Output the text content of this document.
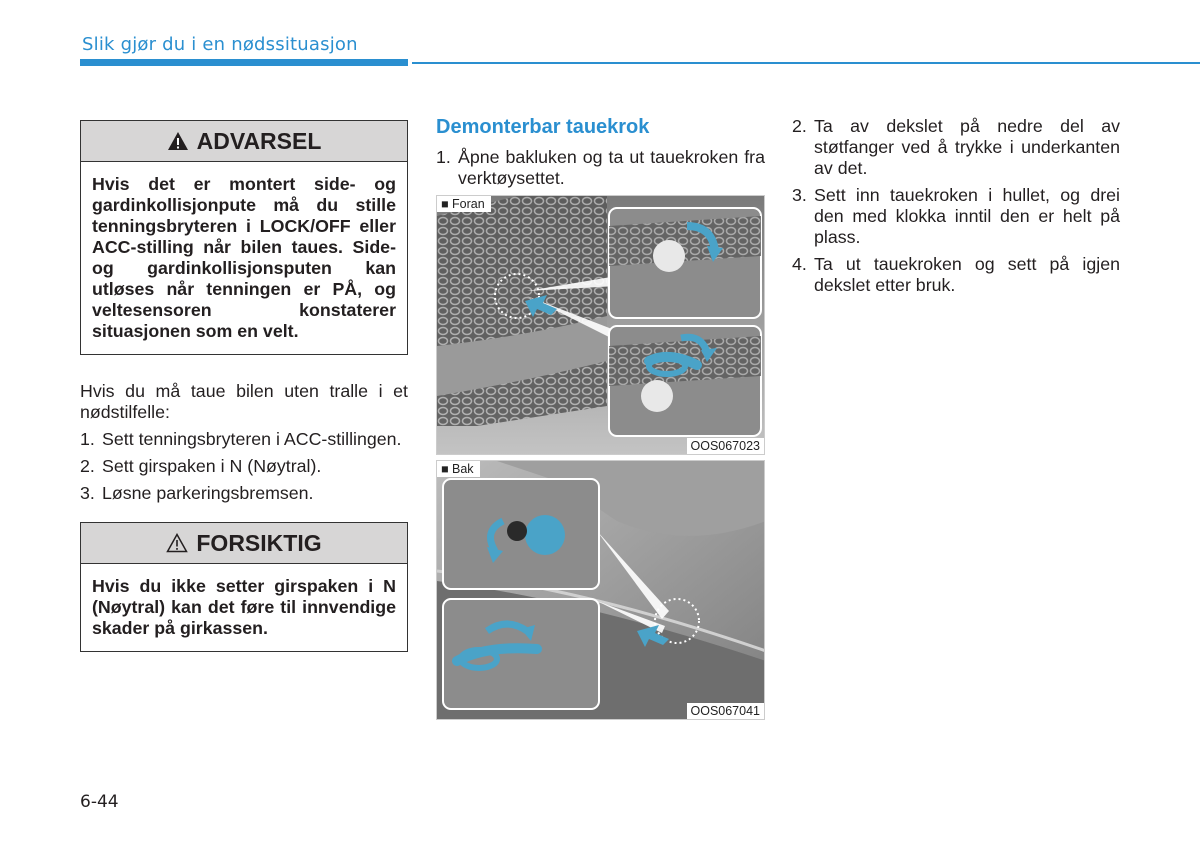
Slik gjør du i en nødssituasjon
ADVARSEL
Hvis det er montert side- og gardinkollisjonpute må du stille tenningsbryteren i LOCK/OFF eller ACC-stilling når bilen taues. Side- og gardinkollisjonsputen kan utløses når tenningen er PÅ, og veltesensoren konstaterer situasjonen som en velt.

Hvis du må taue bilen uten tralle i et nødstilfelle:

1. Sett tenningsbryteren i ACC-stillingen.
2. Sett girspaken i N (Nøytral).
3. Løsne parkeringsbremsen.
FORSIKTIG
Hvis du ikke setter girspaken i N (Nøytral) kan det føre til innvendige skader på girkassen.
Demonterbar tauekrok
1. Åpne bakluken og ta ut tauekroken fra verktøysettet.
■ Foran
OOS067023
■ Bak
OOS067041
2. Ta av dekslet på nedre del av støtfanger ved å trykke i underkanten av det.
3. Sett inn tauekroken i hullet, og drei den med klokka inntil den er helt på plass.
4. Ta ut tauekroken og sett på igjen dekslet etter bruk.
6-44
